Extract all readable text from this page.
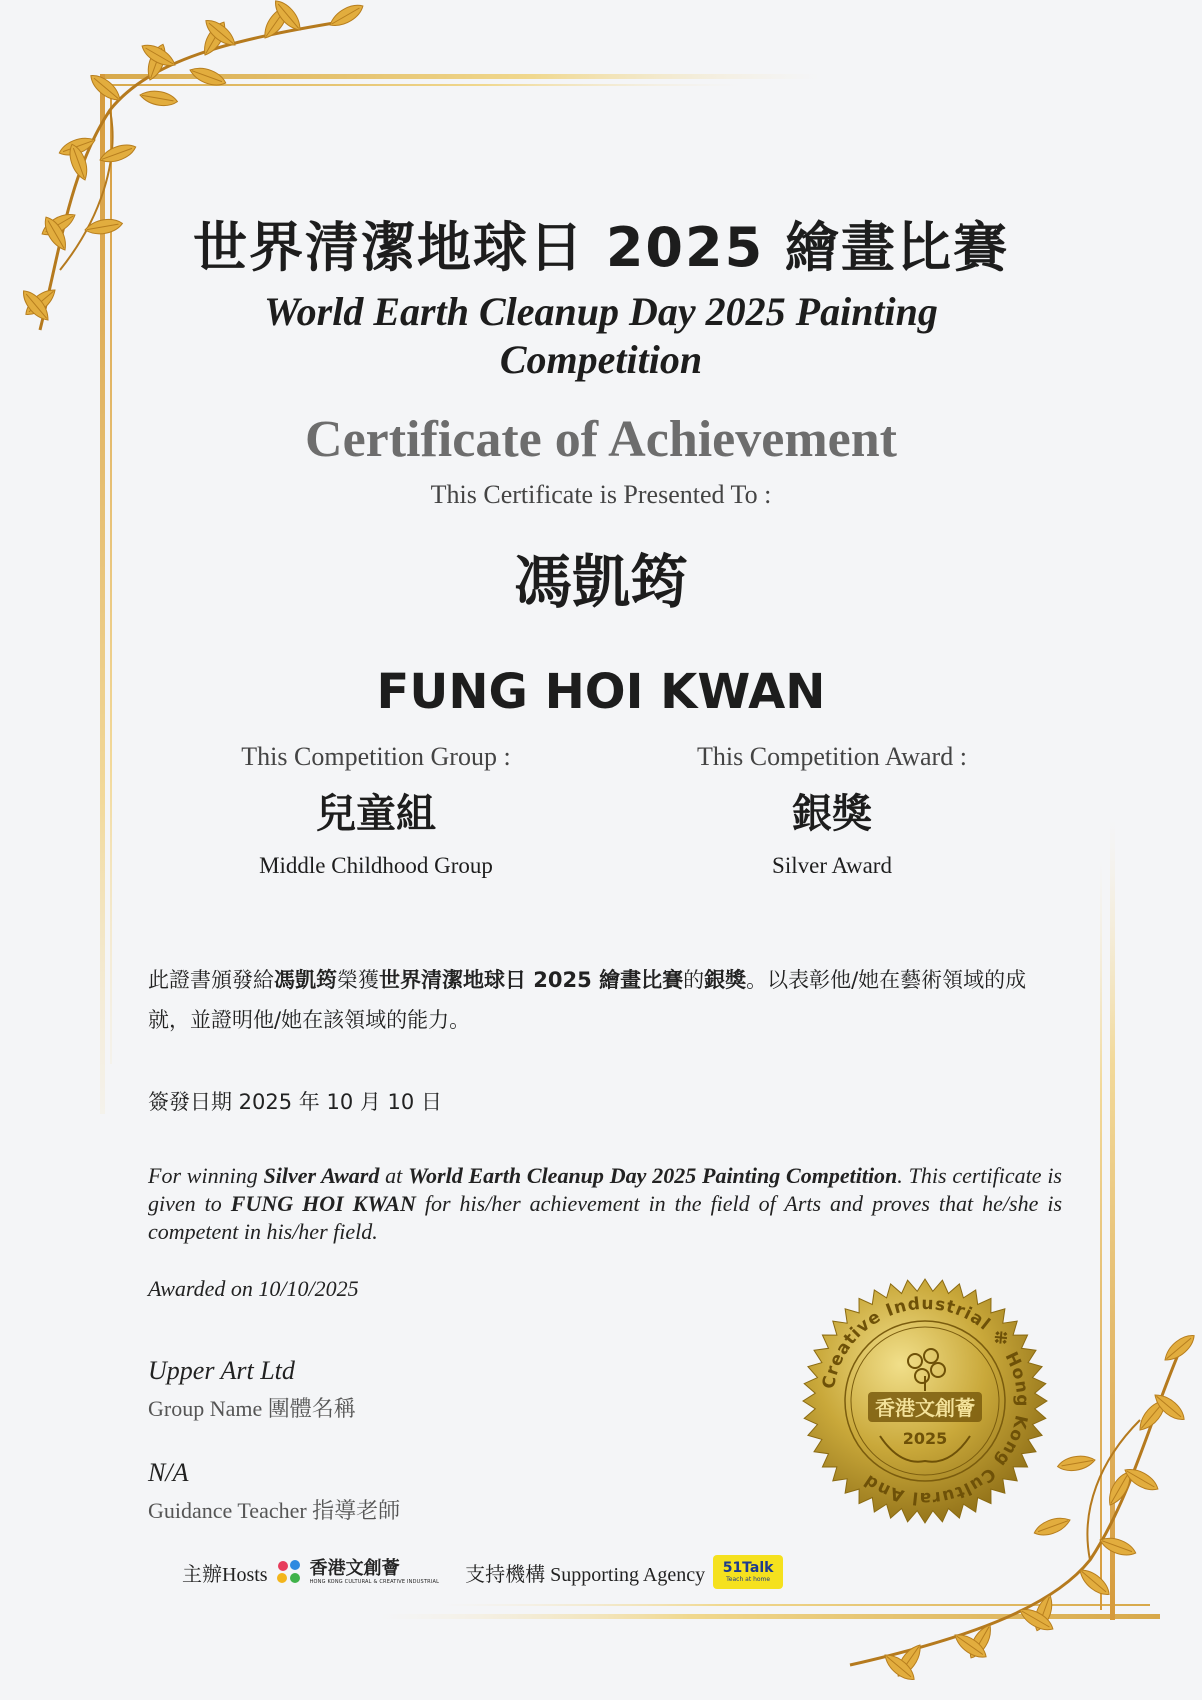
世界清潔地球日 2025 繪畫比賽
World Earth Cleanup Day 2025 Painting
Competition
Certificate of Achievement
This Certificate is Presented To :
馮凱筠
FUNG HOI KWAN
This Competition Group :
兒童組
Middle Childhood Group
This Competition Award :
銀獎
Silver Award
此證書頒發給馮凱筠榮獲世界清潔地球日 2025 繪畫比賽的銀獎。以表彰他/她在藝術領域的成就，並證明他/她在該領域的能力。
簽發日期 2025 年 10 月 10 日
For winning Silver Award at World Earth Cleanup Day 2025 Painting Competition. This certificate is given to FUNG HOI KWAN for his/her achievement in the field of Arts and proves that he/she is competent in his/her field.
Awarded on 10/10/2025
Upper Art Ltd
Group Name 團體名稱
N/A
Guidance Teacher 指導老師
Creative Industrial ※ Hong Kong Cultural And
香港文創薈
2025
主辦Hosts 香港文創薈
HONG KONG CULTURAL & CREATIVE INDUSTRIAL 支持機構 Supporting Agency 51Talk
Teach at home
